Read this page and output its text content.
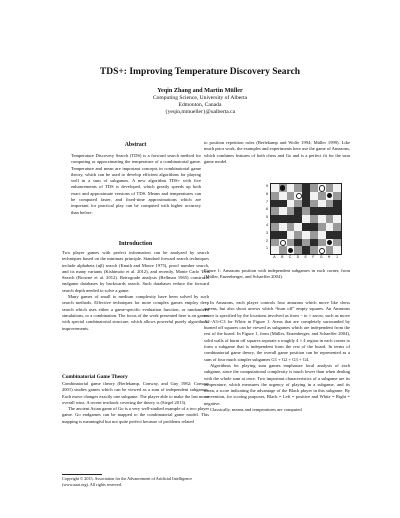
TDS+: Improving Temperature Discovery Search
Yeqin Zhang and Martin Müller
Computing Science, University of Alberta
Edmonton, Canada
{yeqin,mmueller}@ualberta.ca
Abstract
Temperature Discovery Search (TDS) is a forward search method for computing or approximating the temperature of a combinatorial game. Temperature and mean are important concepts in combinatorial game theory, which can be used to develop efficient algorithms for playing well in a sum of subgames. A new algorithm TDS+ with five enhancements of TDS is developed, which greatly speeds up both exact and approximate versions of TDS. Means and temperatures can be computed faster, and fixed-time approximations which are important for practical play can be computed with higher accuracy than before.
Introduction

Two player games with perfect information can be analyzed by search techniques based on the minimax principle. Standard forward search techniques include alphabeta (αβ) search (Knuth and Moore 1975), proof number search, and its many variants (Kishimoto et al. 2012), and recently, Monte Carlo Tree Search (Browne et al. 2012). Retrograde analysis (Bellman 1965) constructs endgame databases by backwards search. Such databases reduce the forward search depth needed to solve a game.

Many games of small to medium complexity have been solved by such search methods. Effective techniques for more complex games employ deep search which uses either a game-specific evaluation function, or randomized simulations, or a combination. The focus of the work presented here is on games with special combinatorial structure, which allows powerful purely algorithmic improvements.

Combinatorial Game Theory

Combinatorial game theory (Berlekamp, Conway, and Guy 1982; Conway 2001) studies games which can be viewed as a sum of independent subgames. Each move changes exactly one subgame. The player able to make the last move overall wins. A recent textbook covering the theory is (Siegel 2013).

The ancient Asian game of Go is a very well-studied example of a two player game. Go endgames can be mapped to the combinatorial game model. This mapping is meaningful but not quite perfect because of problems related

Copyright © 2015, Association for the Advancement of Artificial Intelligence (www.aaai.org). All rights reserved.
to position repetition rules (Berlekamp and Wolfe 1994; Müller 1999). Like much prior work, the examples and experiments here use the game of Amazons, which combines features of both chess and Go and is a perfect fit for the sum game model.
9
8
7
6
5
4
3
2
1
A	B	C	D	E	F	G	H	J
Figure 1: Amazons position with independent subgames in each corner, from (Müller, Enzenberger, and Schaeffer 2004).

In Amazons, each player controls four amazons which move like chess queens, but also shoot arrows which “burn off” empty squares. An Amazons move is specified by the locations involved as from − to × arrow, such as move A2−A3×C3 for White in Figure 1. Areas that are completely surrounded by burned off squares can be viewed as subgames which are independent from the rest of the board. In Figure 1, from (Müller, Enzenberger, and Schaeffer 2004), solid walls of burnt off squares separate a roughly 4 × 4 region in each corner to form a subgame that is independent from the rest of the board. In terms of combinatorial game theory, the overall game position can be represented as a sum of four much simpler subgames G1 + G2 + G3 + G4.

Algorithms for playing sum games emphasize local analysis of each subgame, since the computational complexity is much lower than when dealing with the whole sum at once. Two important characteristics of a subgame are its temperature, which measures the urgency of playing in a subgame, and its mean, a score indicating the advantage of the Black player in this subgame. By convention, for scoring purposes, Black = Left = positive and White = Right = negative.

Classically, means and temperatures are computed
